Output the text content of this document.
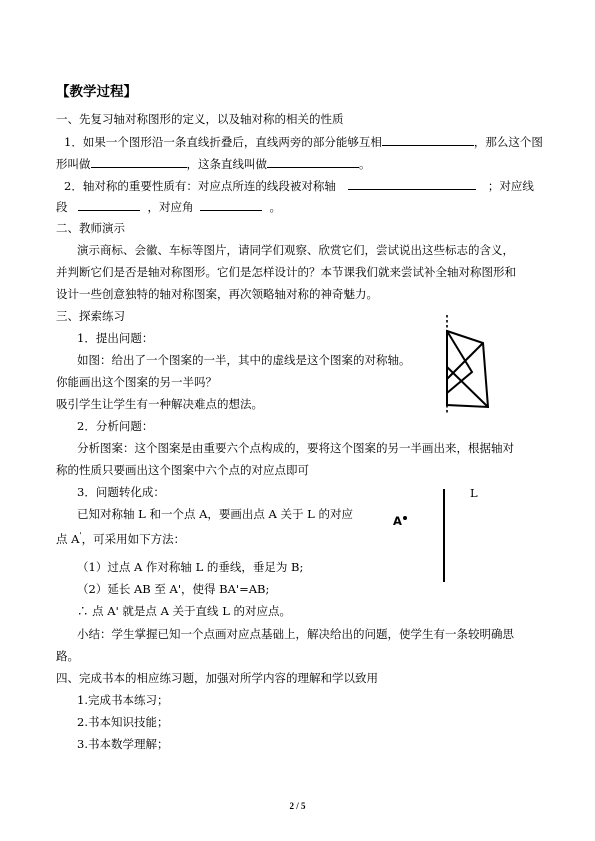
【教学过程】
一、先复习轴对称图形的定义，以及轴对称的相关的性质
1．如果一个图形沿一条直线折叠后，直线两旁的部分能够互相	，那么这个图
形叫做	，这条直线叫做	。
2．轴对称的重要性质有：对应点所连的线段被对称轴	；对应线
段	，对应角	。
二、教师演示
演示商标、会徽、车标等图片，请同学们观察、欣赏它们，尝试说出这些标志的含义，
并判断它们是否是轴对称图形。它们是怎样设计的？本节课我们就来尝试补全轴对称图形和
设计一些创意独特的轴对称图案，再次领略轴对称的神奇魅力。
三、探索练习
1．提出问题：
如图：给出了一个图案的一半，其中的虚线是这个图案的对称轴。
你能画出这个图案的另一半吗？
吸引学生让学生有一种解决难点的想法。
2．分析问题：
分析图案：这个图案是由重要六个点构成的，要将这个图案的另一半画出来，根据轴对
称的性质只要画出这个图案中六个点的对应点即可
3．问题转化成：
已知对称轴 L 和一个点 A，要画出点 A 关于 L 的对应
点 A'，可采用如下方法：
L
A
（1）过点 A 作对称轴 L 的垂线，垂足为 B;
（2）延长 AB 至 A'，使得 BA'=AB;
∴ 点 A' 就是点 A 关于直线 L 的对应点。
小结：学生掌握已知一个点画对应点基础上，解决给出的问题，使学生有一条较明确思
路。
四、完成书本的相应练习题，加强对所学内容的理解和学以致用
1.完成书本练习；
2.书本知识技能；
3.书本数学理解；
2 / 5
